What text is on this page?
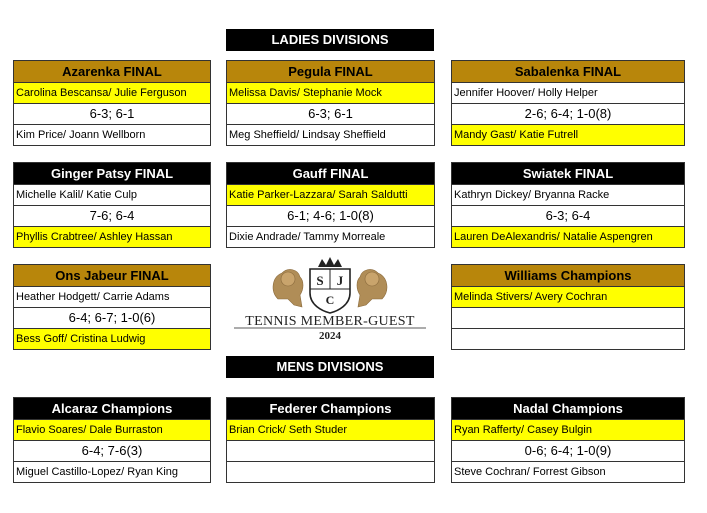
LADIES DIVISIONS
Azarenka FINAL
Carolina Bescansa/ Julie Ferguson
6-3; 6-1
Kim Price/ Joann Wellborn
Pegula FINAL
Melissa Davis/ Stephanie Mock
6-3; 6-1
Meg Sheffield/ Lindsay Sheffield
Sabalenka FINAL
Jennifer Hoover/ Holly Helper
2-6; 6-4; 1-0(8)
Mandy Gast/ Katie Futrell
Ginger Patsy FINAL
Michelle Kalil/ Katie Culp
7-6; 6-4
Phyllis Crabtree/ Ashley Hassan
Gauff FINAL
Katie Parker-Lazzara/ Sarah Saldutti
6-1; 4-6; 1-0(8)
Dixie Andrade/ Tammy Morreale
Swiatek FINAL
Kathryn Dickey/ Bryanna Racke
6-3; 6-4
Lauren DeAlexandris/ Natalie Aspengren
Ons Jabeur FINAL
Heather Hodgett/ Carrie Adams
6-4; 6-7; 1-0(6)
Bess Goff/ Cristina Ludwig
S J
C
TENNIS MEMBER-GUEST
2024
Williams Champions
Melinda Stivers/ Avery Cochran
MENS DIVISIONS
Alcaraz Champions
Flavio Soares/ Dale Burraston
6-4; 7-6(3)
Miguel Castillo-Lopez/ Ryan King
Federer Champions
Brian Crick/ Seth Studer
Nadal Champions
Ryan Rafferty/ Casey Bulgin
0-6; 6-4; 1-0(9)
Steve Cochran/ Forrest Gibson
